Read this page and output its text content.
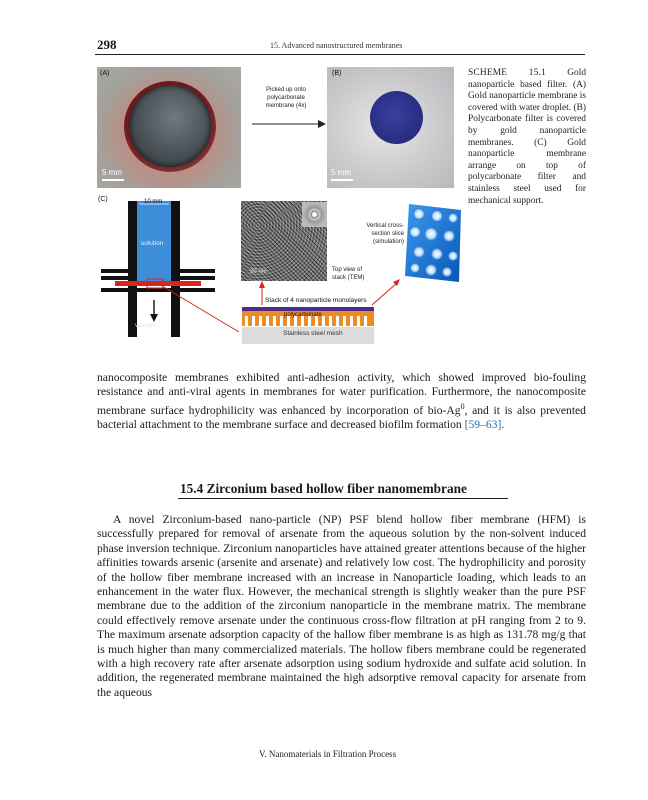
298	15. Advanced nanostructured membranes
(A)
5 mm
Picked up onto
polycarbonate
membrane (4x)
(B)
5 mm
(C)	10 mm
solution
vacuum
20 nm
Vertical cross-
section slice
(simulation)
Top view of
stack (TEM)
Stack of 4 nanoparticle monolayers
polycarbonate
Stainless steel mesh
SCHEME 15.1 Gold nanoparticle based filter. (A) Gold nanoparticle membrane is covered with water droplet. (B) Polycarbonate filter is covered by gold nanoparticle membranes. (C) Gold nanoparticle membrane arrange on top of polycarbonate filter and stainless steel used for mechanical support.
nanocomposite membranes exhibited anti-adhesion activity, which showed improved bio-fouling resistance and anti-viral agents in membranes for water purification. Furthermore, the nanocomposite membrane surface hydrophilicity was enhanced by incorporation of bio-Ag$^0$, and it is also prevented bacterial attachment to the membrane surface and decreased biofilm formation [59–63].
15.4 Zirconium based hollow fiber nanomembrane
A novel Zirconium-based nano-particle (NP) PSF blend hollow fiber membrane (HFM) is successfully prepared for removal of arsenate from the aqueous solution by the non-solvent induced phase inversion technique. Zirconium nanoparticles have attained greater attentions because of the higher affinities towards arsenic (arsenite and arsenate) and relatively low cost. The hydrophilicity and porosity of the hollow fiber membrane increased with an increase in Nanoparticle loading, which leads to an enhancement in the water flux. However, the mechanical strength is slightly weaker than the pure PSF membrane due to the addition of the zirconium nanoparticle in the membrane matrix. The membrane could effectively remove arsenate under the continuous cross-flow filtration at pH ranging from 2 to 9. The maximum arsenate adsorption capacity of the hallow fiber membrane is as high as 131.78 mg/g that is much higher than many commercialized materials. The hollow fibers membrane could be regenerated with a high recovery rate after arsenate adsorption using sodium hydroxide and sulfate acid solution. In addition, the regenerated membrane maintained the high adsorptive removal capacity for arsenate from the aqueous
V. Nanomaterials in Filtration Process
